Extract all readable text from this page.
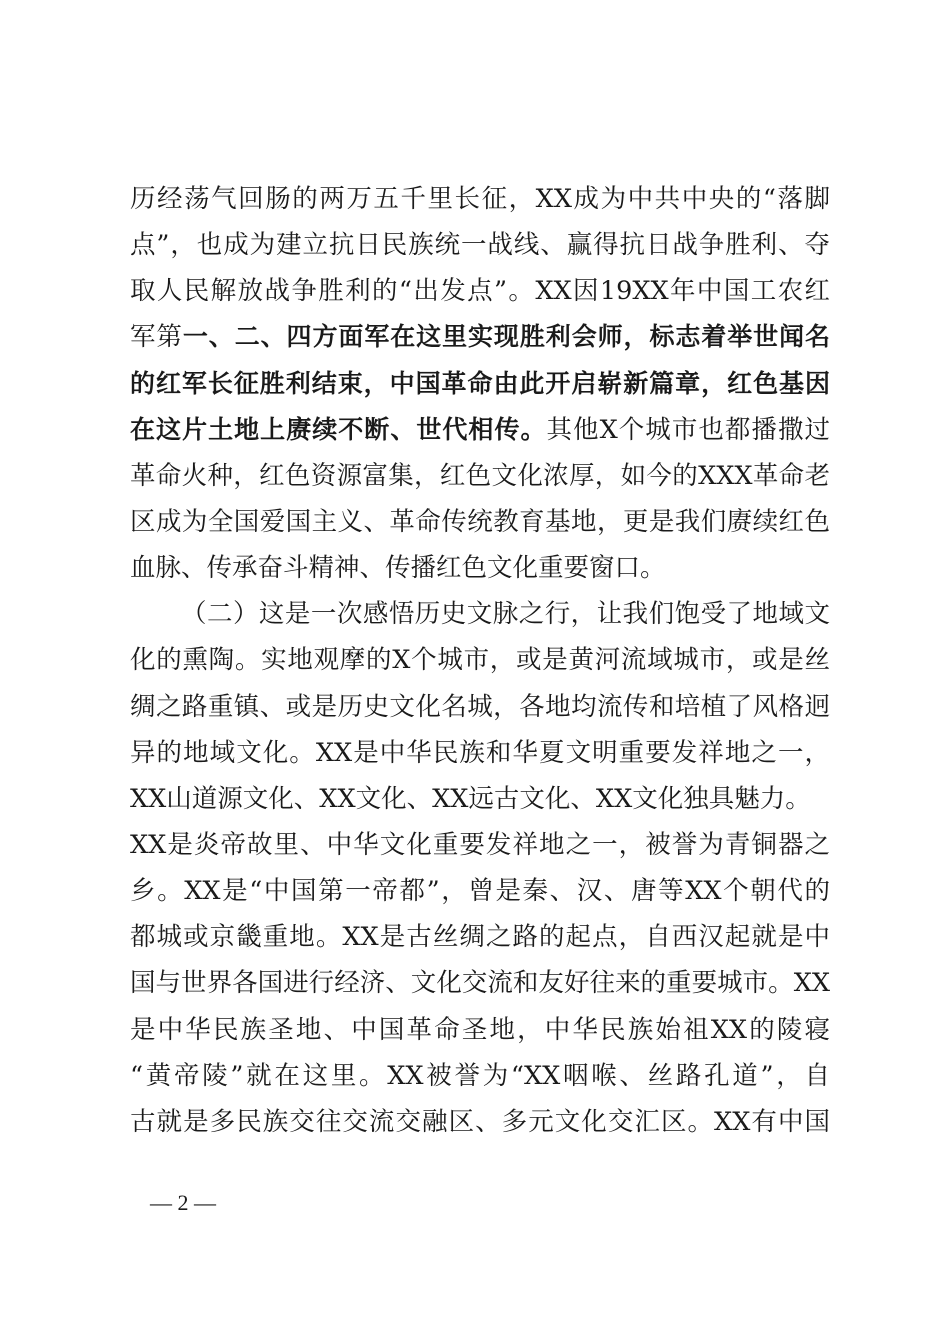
历经荡气回肠的两万五千里长征，XX成为中共中央的“落脚
点”，也成为建立抗日民族统一战线、赢得抗日战争胜利、夺
取人民解放战争胜利的“出发点”。XX因19XX年中国工农红
军第一、二、四方面军在这里实现胜利会师，标志着举世闻名
的红军长征胜利结束，中国革命由此开启崭新篇章，红色基因
在这片土地上赓续不断、世代相传。其他X个城市也都播撒过
革命火种，红色资源富集，红色文化浓厚，如今的XXX革命老
区成为全国爱国主义、革命传统教育基地，更是我们赓续红色
血脉、传承奋斗精神、传播红色文化重要窗口。
（二）这是一次感悟历史文脉之行，让我们饱受了地域文
化的熏陶。实地观摩的X个城市，或是黄河流域城市，或是丝
绸之路重镇、或是历史文化名城，各地均流传和培植了风格迥
异的地域文化。XX是中华民族和华夏文明重要发祥地之一，
XX山道源文化、XX文化、XX远古文化、XX文化独具魅力。
XX是炎帝故里、中华文化重要发祥地之一，被誉为青铜器之
乡。XX是“中国第一帝都”，曾是秦、汉、唐等XX个朝代的
都城或京畿重地。XX是古丝绸之路的起点，自西汉起就是中
国与世界各国进行经济、文化交流和友好往来的重要城市。XX
是中华民族圣地、中国革命圣地，中华民族始祖XX的陵寝
“黄帝陵”就在这里。XX被誉为“XX咽喉、丝路孔道”，自
古就是多民族交往交流交融区、多元文化交汇区。XX有中国
— 2 —
